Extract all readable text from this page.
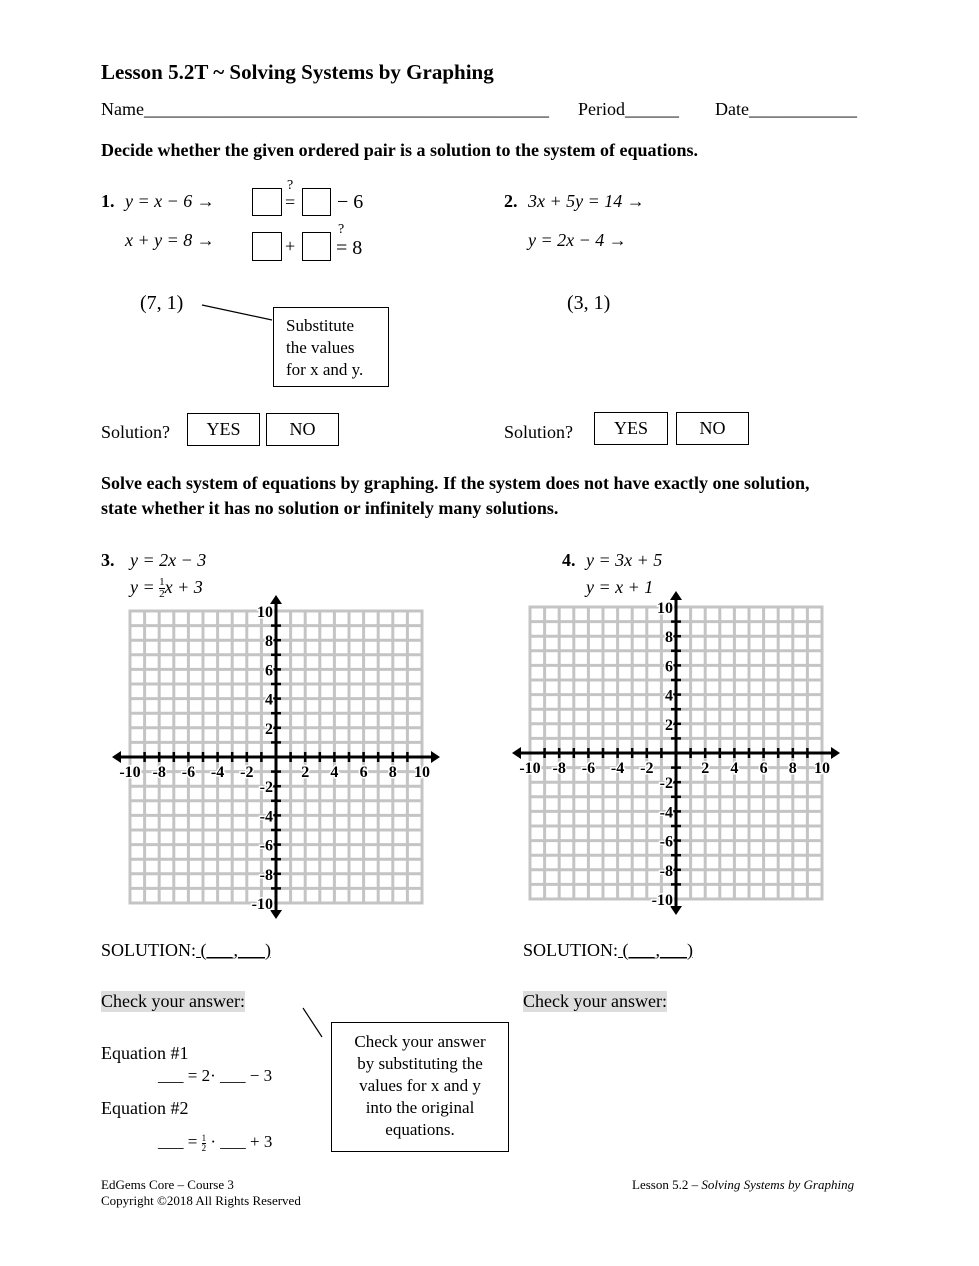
Lesson 5.2T ~ Solving Systems by Graphing
Name_____________________________________________ Period______ Date____________
Decide whether the given ordered pair is a solution to the system of equations.
1. y = x − 6 →
x + y = 8 →
?
= − 6
+
?
= 8
(7, 1)
Substitute
the values
for x and y.
Solution?	YES	NO
2. 3x + 5y = 14 →
y = 2x − 4 →
(3, 1)
Solution?	YES	NO
Solve each system of equations by graphing. If the system does not have exactly one solution,
state whether it has no solution or infinitely many solutions.
3. y = 2x − 3
$y = \frac{1}{2}$ x + 3
-10 -8 -6 -4 -2	2 4 6 8 10
10
8
6
4
2
-2
-4
-6
-8
-10
SOLUTION: (___,___)
Check your answer:
Equation #1
___ = 2· ___ − 3
Equation #2
___ = $\frac{1}{2}$ · ___ + 3
Check your answer
by substituting the
values for x and y
into the original
equations.
4. y = 3x + 5
y = x + 1
-10 -8 -6 -4 -2	2 4 6 8 10
10
8
6
4
2
-2
-4
-6
-8
-10
SOLUTION: (___,___)
Check your answer:
EdGems Core – Course 3
Copyright ©2018 All Rights Reserved
Lesson 5.2 – Solving Systems by Graphing
